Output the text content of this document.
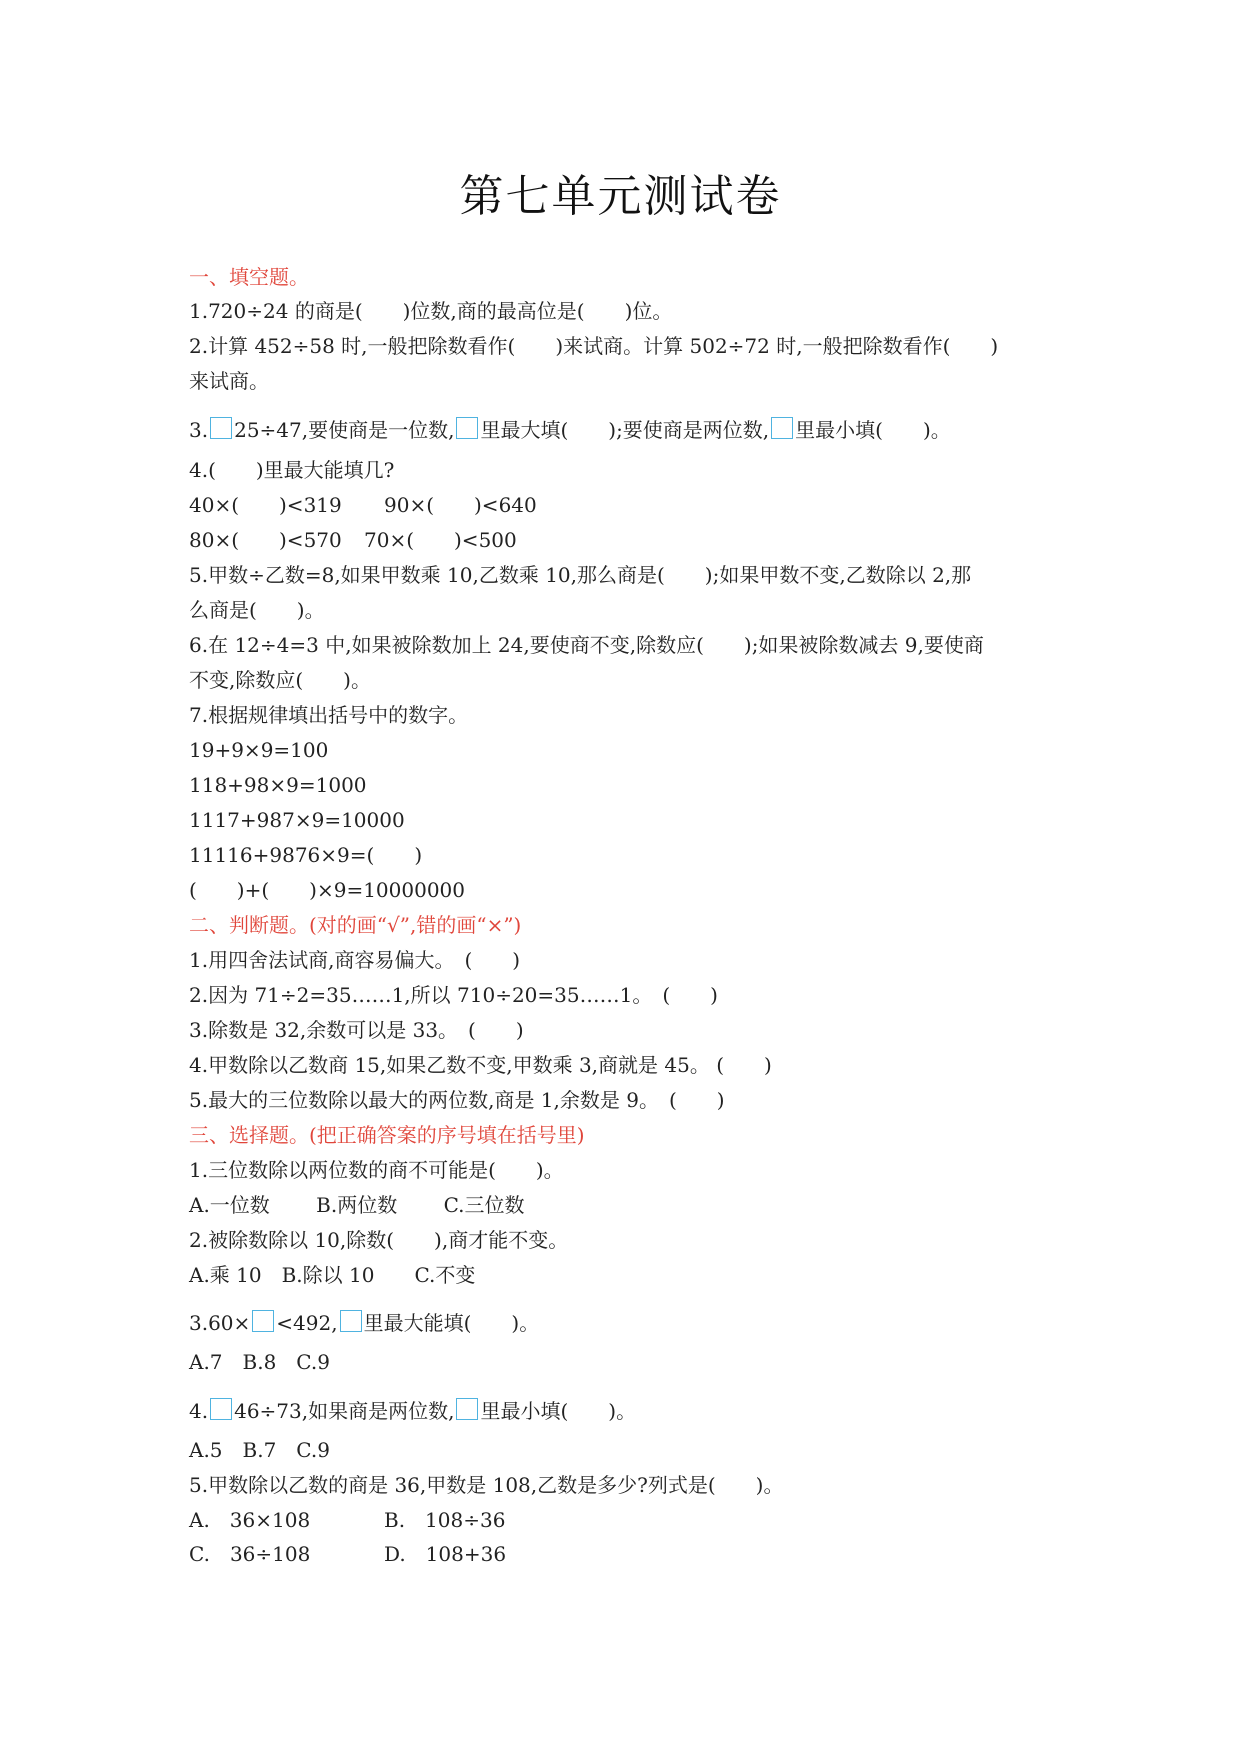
第七单元测试卷
一、填空题。
1.720÷24 的商是(　　)位数,商的最高位是(　　)位。
2.计算 452÷58 时,一般把除数看作(　　)来试商。计算 502÷72 时,一般把除数看作(　　)
来试商。
3. 25÷47,要使商是一位数, 里最大填(　　);要使商是两位数, 里最小填(　　)。
4.(　　)里最大能填几?
40×(　　)<319 90×(　　)<640
80×(　　)<570 70×(　　)<500
5.甲数÷乙数=8,如果甲数乘 10,乙数乘 10,那么商是(　　);如果甲数不变,乙数除以 2,那
么商是(　　)。
6.在 12÷4=3 中,如果被除数加上 24,要使商不变,除数应(　　);如果被除数减去 9,要使商
不变,除数应(　　)。
7.根据规律填出括号中的数字。
19+9×9=100
118+98×9=1000
1117+987×9=10000
11116+9876×9=(　　)
(　　)+(　　)×9=10000000
二、判断题。(对的画“√”,错的画“×”)
1.用四舍法试商,商容易偏大。　(　　)
2.因为 71÷2=35……1,所以 710÷20=35……1。　(　　)
3.除数是 32,余数可以是 33。　(　　)
4.甲数除以乙数商 15,如果乙数不变,甲数乘 3,商就是 45。 (　　)
5.最大的三位数除以最大的两位数,商是 1,余数是 9。　(　　)
三、选择题。(把正确答案的序号填在括号里)
1.三位数除以两位数的商不可能是(　　)。
A.一位数　　 B.两位数　　 C.三位数
2.被除数除以 10,除数(　　),商才能不变。
A.乘 10　B.除以 10　　C.不变
3.60× <492, 里最大能填(　　)。
A.7　B.8　C.9
4. 46÷73,如果商是两位数, 里最小填(　　)。
A.5　B.7　C.9
5.甲数除以乙数的商是 36,甲数是 108,乙数是多少?列式是(　　)。
A.　36×108	B.　108÷36
C.　36÷108	D.　108+36
